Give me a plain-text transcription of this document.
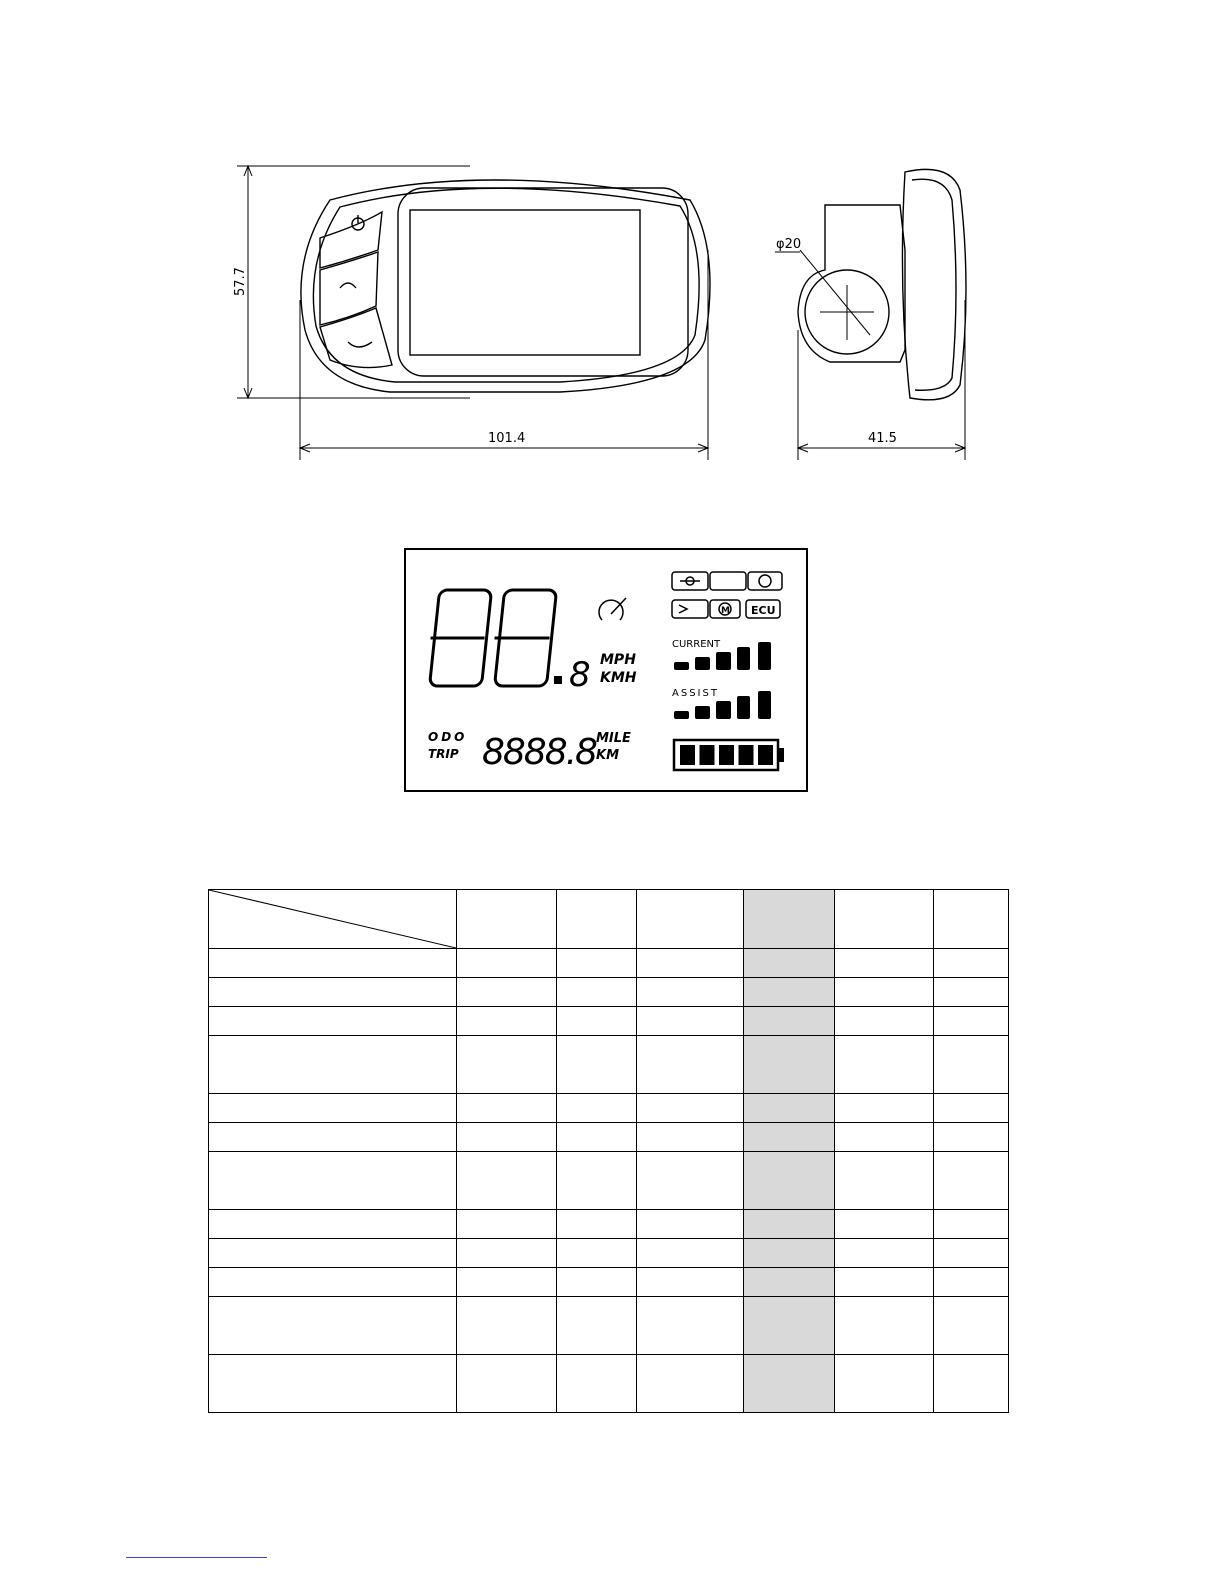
57.7
101.4	41.5
φ20
8 MPH
KMH
ODO
TRIP 8888.8 MILE
KM
ECU
M
CURRENT
ASSIST
